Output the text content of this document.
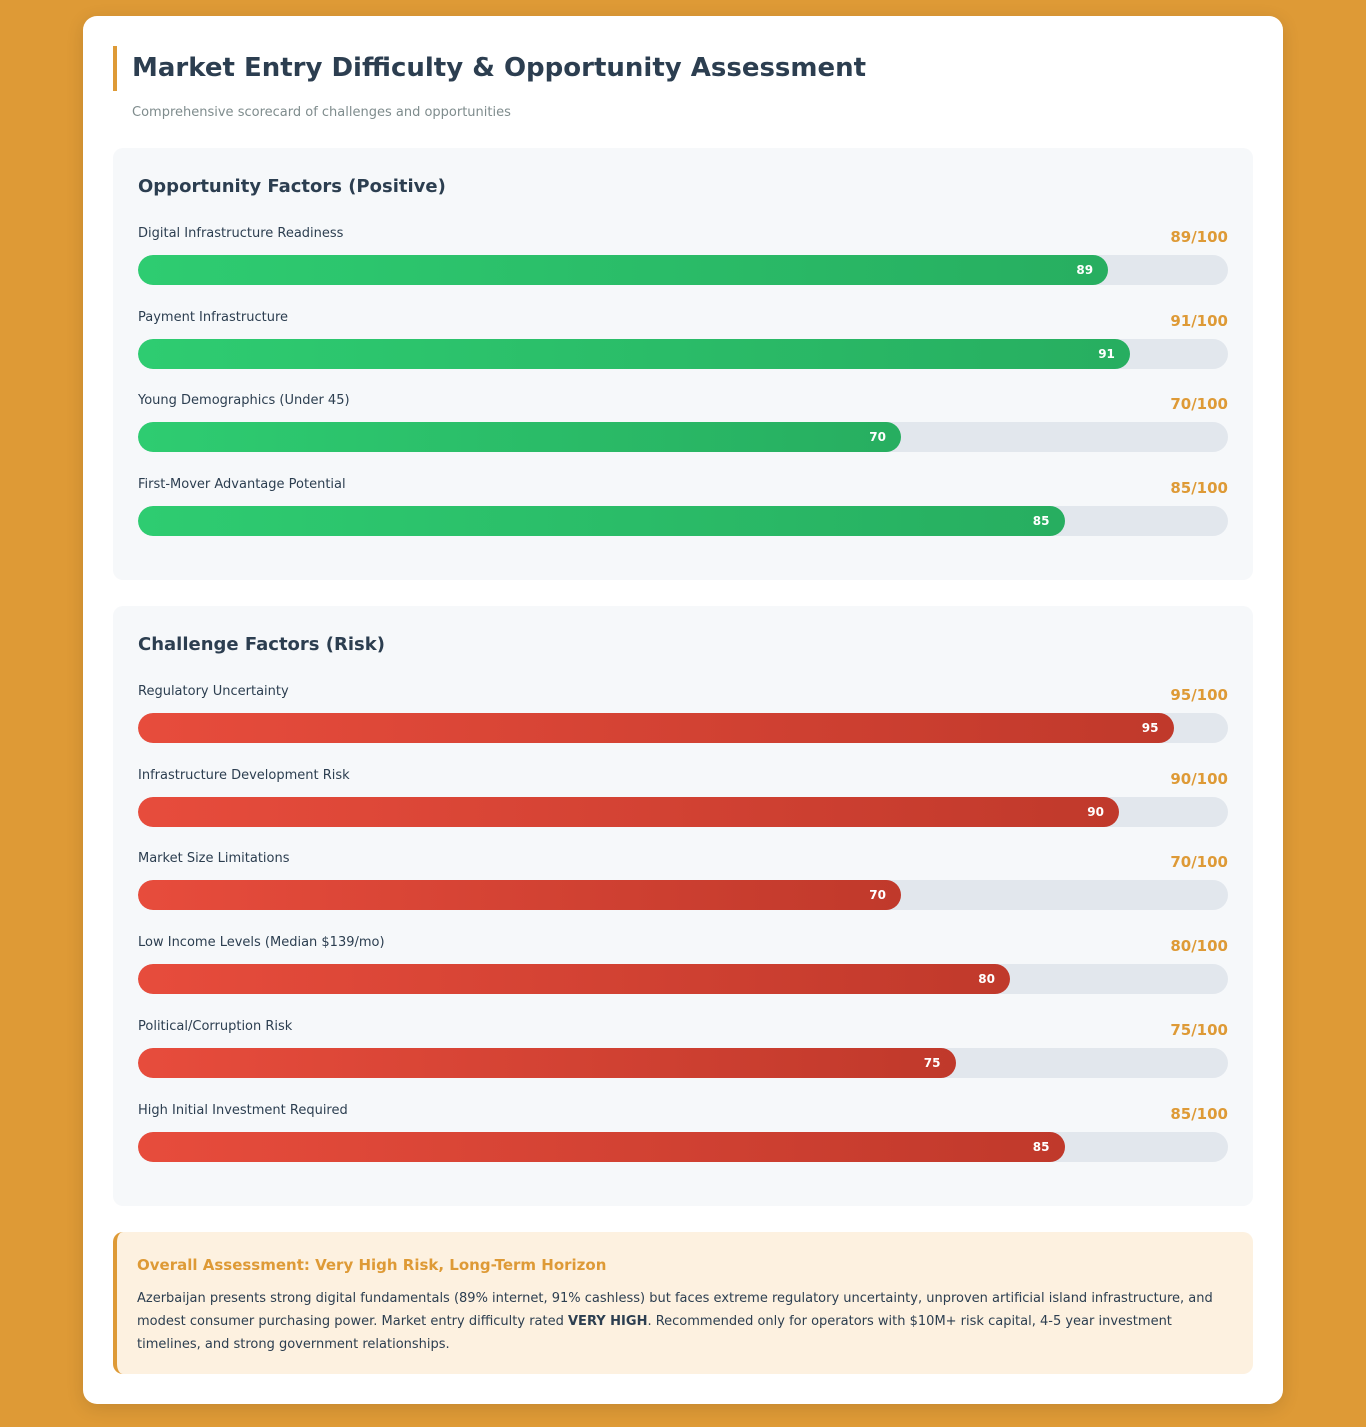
Market Entry Difficulty & Opportunity Assessment
Comprehensive scorecard of challenges and opportunities
Opportunity Factors (Positive)
Digital Infrastructure Readiness	89/100
89
Payment Infrastructure	91/100
91
Young Demographics (Under 45)	70/100
70
First-Mover Advantage Potential	85/100
85
Challenge Factors (Risk)
Regulatory Uncertainty	95/100
95
Infrastructure Development Risk	90/100
90
Market Size Limitations	70/100
70
Low Income Levels (Median $139/mo)	80/100
80
Political/Corruption Risk	75/100
75
High Initial Investment Required	85/100
85
Overall Assessment: Very High Risk, Long-Term Horizon

Azerbaijan presents strong digital fundamentals (89% internet, 91% cashless) but faces extreme regulatory uncertainty, unproven artificial island infrastructure, and modest consumer purchasing power. Market entry difficulty rated VERY HIGH. Recommended only for operators with $10M+ risk capital, 4-5 year investment timelines, and strong government relationships.
